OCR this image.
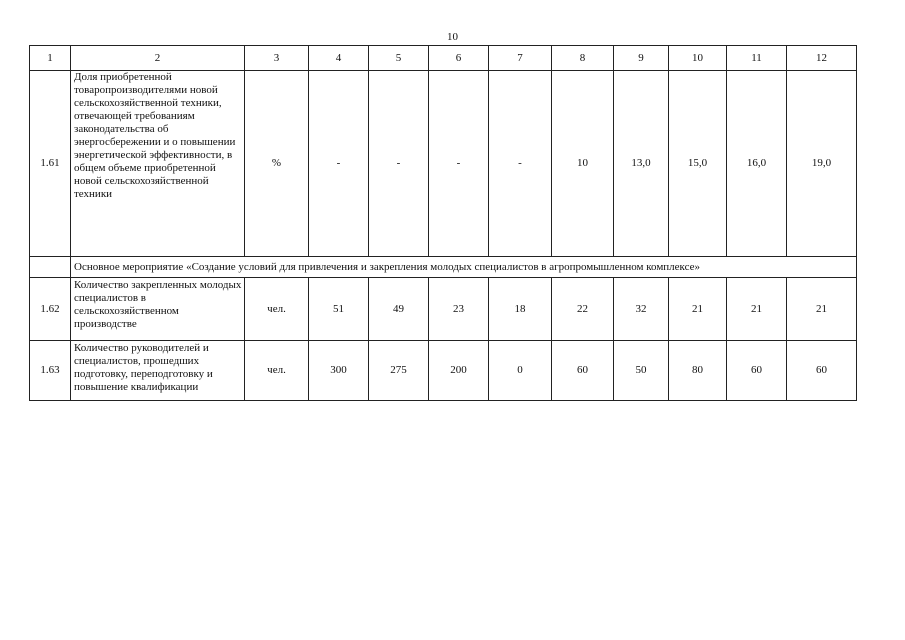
10
1	2	3	4	5	6	7	8	9	10	11	12
1.61	Доля приобретенной товаропроизводителями новой сельскохозяйственной техники, отвечающей требованиям законодательства об энергосбережении и о повышении энергетической эффективности, в общем объеме приобретенной новой сельскохозяйственной техники	%	-	-	-	-	10	13,0	15,0	16,0	19,0
	Основное мероприятие «Создание условий для привлечения и закрепления молодых специалистов в агропромышленном комплексе»										
1.62	Количество закрепленных молодых специалистов в сельскохозяйственном производстве	чел.	51	49	23	18	22	32	21	21	21
1.63	Количество руководителей и специалистов, прошедших подготовку, переподготовку и повышение квалификации	чел.	300	275	200	0	60	50	80	60	60
